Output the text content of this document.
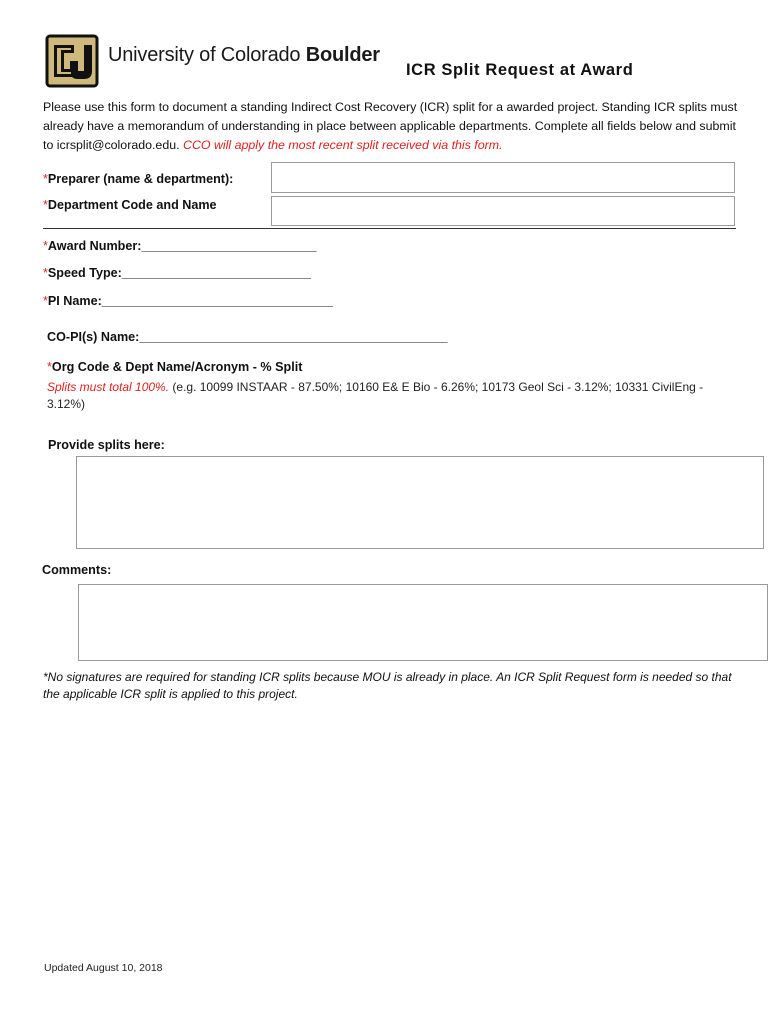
University of Colorado Boulder
ICR Split Request at Award
Please use this form to document a standing Indirect Cost Recovery (ICR) split for a awarded project. Standing ICR splits must already have a memorandum of understanding in place between applicable departments. Complete all fields below and submit to icrsplit@colorado.edu. CCO will apply the most recent split received via this form.
*Preparer (name & department):
*Department Code and Name
*Award Number:_________________________
*Speed Type:___________________________
*PI Name:_________________________________
CO-PI(s) Name:____________________________________________
*Org Code & Dept Name/Acronym - % Split
Splits must total 100%. (e.g. 10099 INSTAAR - 87.50%; 10160 E& E Bio - 6.26%; 10173 Geol Sci - 3.12%; 10331 CivilEng - 3.12%)
Provide splits here:
Comments:
*No signatures are required for standing ICR splits because MOU is already in place. An ICR Split Request form is needed so that the applicable ICR split is applied to this project.
Updated August 10, 2018
